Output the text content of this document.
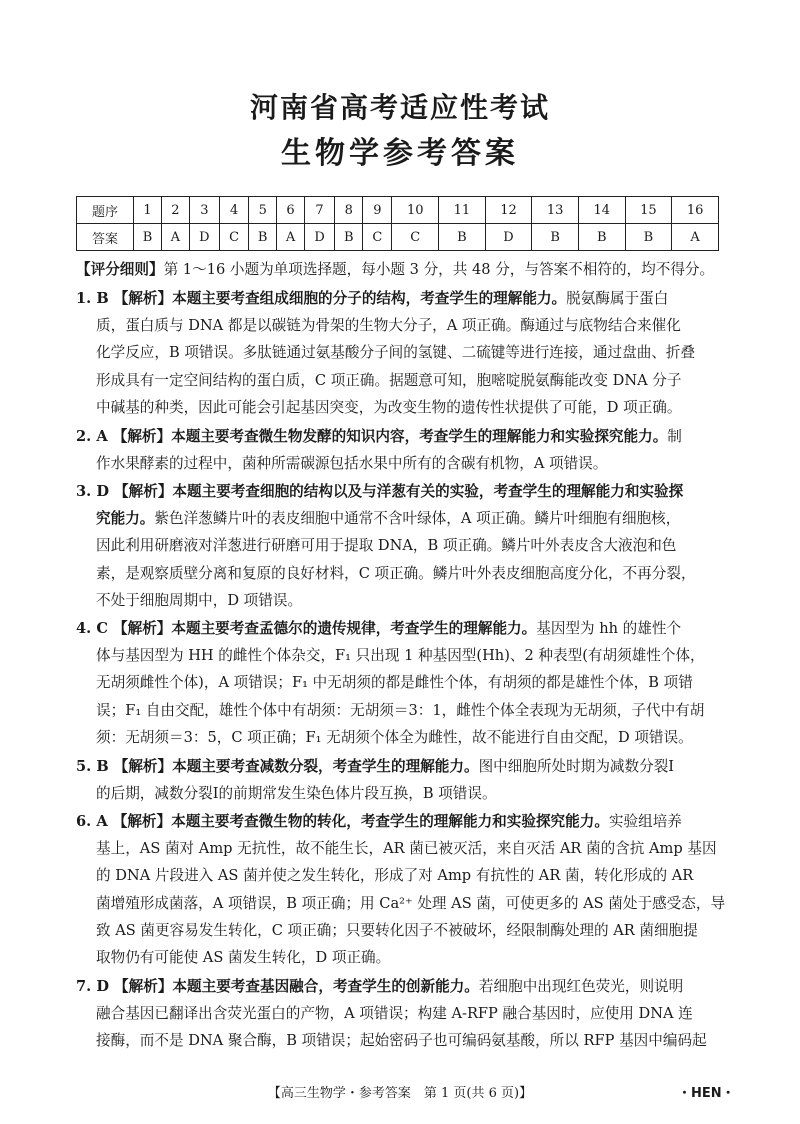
河南省高考适应性考试
生物学参考答案
题序	1	2	3	4	5	6	7	8	9	10	11	12	13	14	15	16
答案	B	A	D	C	B	A	D	B	C	C	B	D	B	B	B	A
【评分细则】第 1～16 小题为单项选择题，每小题 3 分，共 48 分，与答案不相符的，均不得分。
1. B 【解析】本题主要考查组成细胞的分子的结构，考查学生的理解能力。脱氨酶属于蛋白
质，蛋白质与 DNA 都是以碳链为骨架的生物大分子，A 项正确。酶通过与底物结合来催化
化学反应，B 项错误。多肽链通过氨基酸分子间的氢键、二硫键等进行连接，通过盘曲、折叠
形成具有一定空间结构的蛋白质，C 项正确。据题意可知，胞嘧啶脱氨酶能改变 DNA 分子
中碱基的种类，因此可能会引起基因突变，为改变生物的遗传性状提供了可能，D 项正确。
2. A 【解析】本题主要考查微生物发酵的知识内容，考查学生的理解能力和实验探究能力。制
作水果酵素的过程中，菌种所需碳源包括水果中所有的含碳有机物，A 项错误。
3. D 【解析】本题主要考查细胞的结构以及与洋葱有关的实验，考查学生的理解能力和实验探
究能力。紫色洋葱鳞片叶的表皮细胞中通常不含叶绿体，A 项正确。鳞片叶细胞有细胞核，
因此利用研磨液对洋葱进行研磨可用于提取 DNA，B 项正确。鳞片叶外表皮含大液泡和色
素，是观察质壁分离和复原的良好材料，C 项正确。鳞片叶外表皮细胞高度分化，不再分裂，
不处于细胞周期中，D 项错误。
4. C 【解析】本题主要考查孟德尔的遗传规律，考查学生的理解能力。基因型为 hh 的雄性个
体与基因型为 HH 的雌性个体杂交，F₁ 只出现 1 种基因型(Hh)、2 种表型(有胡须雄性个体，
无胡须雌性个体)，A 项错误；F₁ 中无胡须的都是雌性个体，有胡须的都是雄性个体，B 项错
误；F₁ 自由交配，雄性个体中有胡须：无胡须＝3：1，雌性个体全表现为无胡须，子代中有胡
须：无胡须＝3：5，C 项正确；F₁ 无胡须个体全为雌性，故不能进行自由交配，D 项错误。
5. B 【解析】本题主要考查减数分裂，考查学生的理解能力。图中细胞所处时期为减数分裂Ⅰ
的后期，减数分裂Ⅰ的前期常发生染色体片段互换，B 项错误。
6. A 【解析】本题主要考查微生物的转化，考查学生的理解能力和实验探究能力。实验组培养
基上，AS 菌对 Amp 无抗性，故不能生长，AR 菌已被灭活，来自灭活 AR 菌的含抗 Amp 基因
的 DNA 片段进入 AS 菌并使之发生转化，形成了对 Amp 有抗性的 AR 菌，转化形成的 AR
菌增殖形成菌落，A 项错误，B 项正确；用 Ca²⁺ 处理 AS 菌，可使更多的 AS 菌处于感受态，导
致 AS 菌更容易发生转化，C 项正确；只要转化因子不被破坏，经限制酶处理的 AR 菌细胞提
取物仍有可能使 AS 菌发生转化，D 项正确。
7. D 【解析】本题主要考查基因融合，考查学生的创新能力。若细胞中出现红色荧光，则说明
融合基因已翻译出含荧光蛋白的产物，A 项错误；构建 A-RFP 融合基因时，应使用 DNA 连
接酶，而不是 DNA 聚合酶，B 项错误；起始密码子也可编码氨基酸，所以 RFP 基因中编码起
【高三生物学・参考答案　第 1 页(共 6 页)】	・HEN・
